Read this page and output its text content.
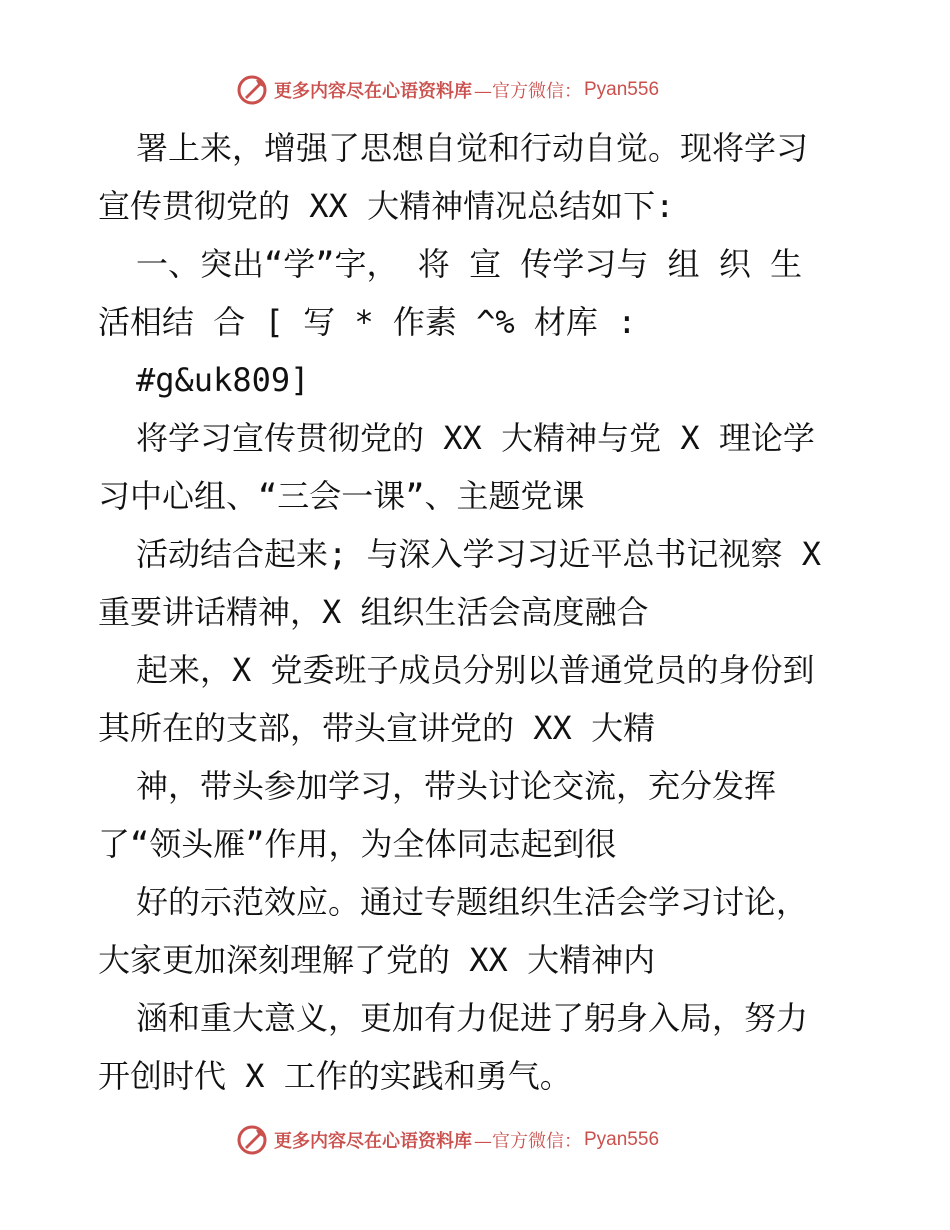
更多内容尽在心语资料库 —官方微信： Pyan556
署上来，增强了思想自觉和行动自觉。现将学习
宣传贯彻党的 XX 大精神情况总结如下:
一、突出“学”字， 将 宣 传学习与 组 织 生
活相结 合 [ 写 * 作素 ^% 材库 :
#g&uk809]
将学习宣传贯彻党的 XX 大精神与党 X 理论学
习中心组、“三会一课”、主题党课
活动结合起来; 与深入学习习近平总书记视察 X
重要讲话精神，X 组织生活会高度融合
起来，X 党委班子成员分别以普通党员的身份到
其所在的支部，带头宣讲党的 XX 大精
神，带头参加学习，带头讨论交流，充分发挥
了“领头雁”作用，为全体同志起到很
好的示范效应。通过专题组织生活会学习讨论，
大家更加深刻理解了党的 XX 大精神内
涵和重大意义，更加有力促进了躬身入局，努力
开创时代 X 工作的实践和勇气。
更多内容尽在心语资料库 —官方微信： Pyan556
